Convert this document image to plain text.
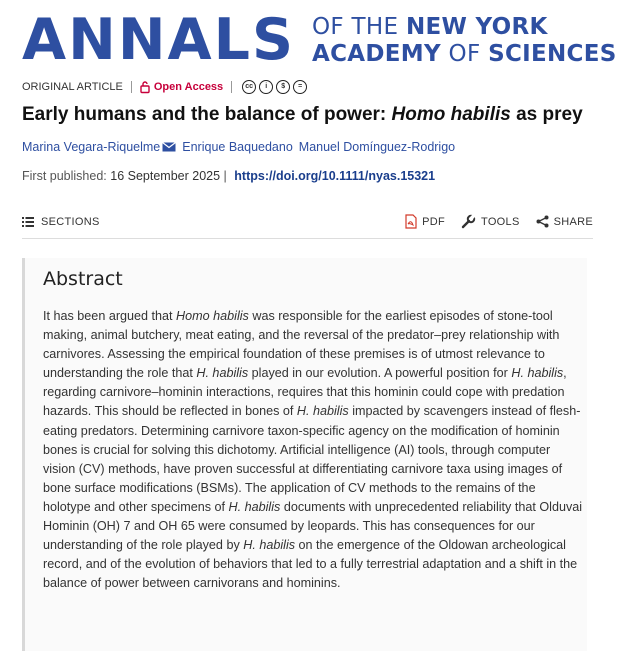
ANNALS OF THE NEW YORK
ACADEMY OF SCIENCES
ORIGINAL ARTICLE	Open Access	cc	i	$	=
Early humans and the balance of power: Homo habilis as prey
Marina Vegara-Riquelme Enrique Baquedano Manuel Domínguez-Rodrigo
First published: 16 September 2025 | https://doi.org/10.1111/nyas.15321
SECTIONS	PDF	TOOLS	SHARE
Abstract
It has been argued that Homo habilis was responsible for the earliest episodes of stone-tool making, animal butchery, meat eating, and the reversal of the predator–prey relationship with carnivores. Assessing the empirical foundation of these premises is of utmost relevance to understanding the role that H. habilis played in our evolution. A powerful position for H. habilis, regarding carnivore–hominin interactions, requires that this hominin could cope with predation hazards. This should be reflected in bones of H. habilis impacted by scavengers instead of flesh-eating predators. Determining carnivore taxon-specific agency on the modification of hominin bones is crucial for solving this dichotomy. Artificial intelligence (AI) tools, through computer vision (CV) methods, have proven successful at differentiating carnivore taxa using images of bone surface modifications (BSMs). The application of CV methods to the remains of the holotype and other specimens of H. habilis documents with unprecedented reliability that Olduvai Hominin (OH) 7 and OH 65 were consumed by leopards. This has consequences for our understanding of the role played by H. habilis on the emergence of the Oldowan archeological record, and of the evolution of behaviors that led to a fully terrestrial adaptation and a shift in the balance of power between carnivorans and hominins.
